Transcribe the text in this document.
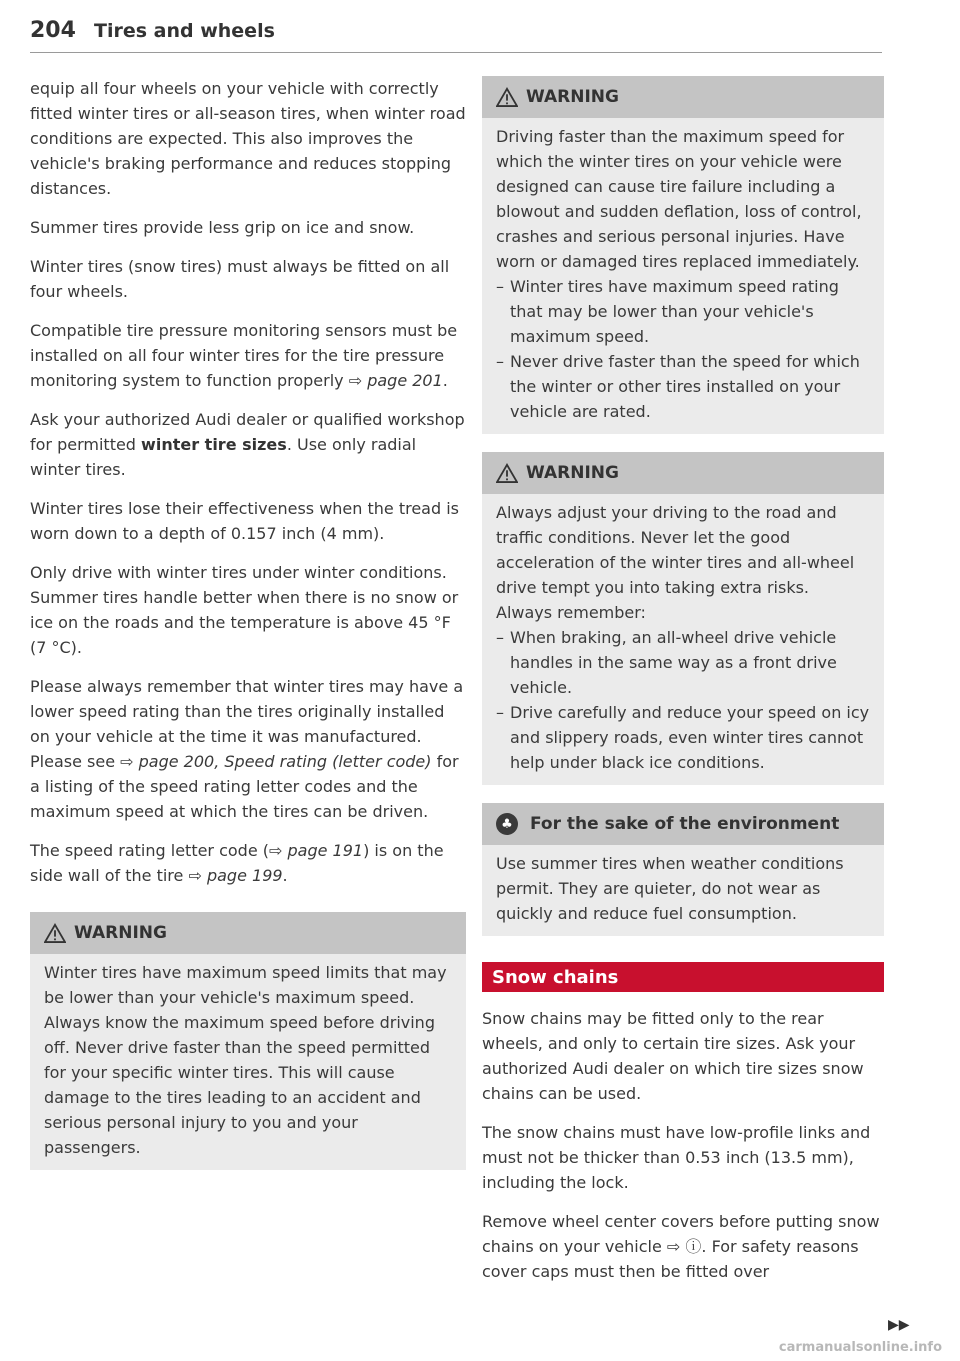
204 Tires and wheels

equip all four wheels on your vehicle with correctly fitted winter tires or all-season tires, when winter road conditions are expected. This also improves the vehicle's braking performance and reduces stopping distances.

Summer tires provide less grip on ice and snow.

Winter tires (snow tires) must always be fitted on all four wheels.

Compatible tire pressure monitoring sensors must be installed on all four winter tires for the tire pressure monitoring system to function properly ⇨ page 201.

Ask your authorized Audi dealer or qualified workshop for permitted winter tire sizes. Use only radial winter tires.

Winter tires lose their effectiveness when the tread is worn down to a depth of 0.157 inch (4 mm).

Only drive with winter tires under winter conditions. Summer tires handle better when there is no snow or ice on the roads and the temperature is above 45 °F (7 °C).

Please always remember that winter tires may have a lower speed rating than the tires originally installed on your vehicle at the time it was manufactured. Please see ⇨ page 200, Speed rating (letter code) for a listing of the speed rating letter codes and the maximum speed at which the tires can be driven.

The speed rating letter code (⇨ page 191) is on the side wall of the tire ⇨ page 199.

WARNING

Winter tires have maximum speed limits that may be lower than your vehicle's maximum speed. Always know the maximum speed before driving off. Never drive faster than the speed permitted for your specific winter tires. This will cause damage to the tires leading to an accident and serious personal injury to you and your passengers.

WARNING

Driving faster than the maximum speed for which the winter tires on your vehicle were designed can cause tire failure including a blowout and sudden deflation, loss of control, crashes and serious personal injuries. Have worn or damaged tires replaced immediately.

– Winter tires have maximum speed rating that may be lower than your vehicle's maximum speed.
– Never drive faster than the speed for which the winter or other tires installed on your vehicle are rated.
WARNING

Always adjust your driving to the road and traffic conditions. Never let the good acceleration of the winter tires and all-wheel drive tempt you into taking extra risks. Always remember:

– When braking, an all-wheel drive vehicle handles in the same way as a front drive vehicle.
– Drive carefully and reduce your speed on icy and slippery roads, even winter tires cannot help under black ice conditions.
♣	For the sake of the environment

Use summer tires when weather conditions permit. They are quieter, do not wear as quickly and reduce fuel consumption.

Snow chains

Snow chains may be fitted only to the rear wheels, and only to certain tire sizes. Ask your authorized Audi dealer on which tire sizes snow chains can be used.

The snow chains must have low-profile links and must not be thicker than 0.53 inch (13.5 mm), including the lock.

Remove wheel center covers before putting snow chains on your vehicle ⇨ ⓘ. For safety reasons cover caps must then be fitted over

▶▶
carmanualsonline.info
